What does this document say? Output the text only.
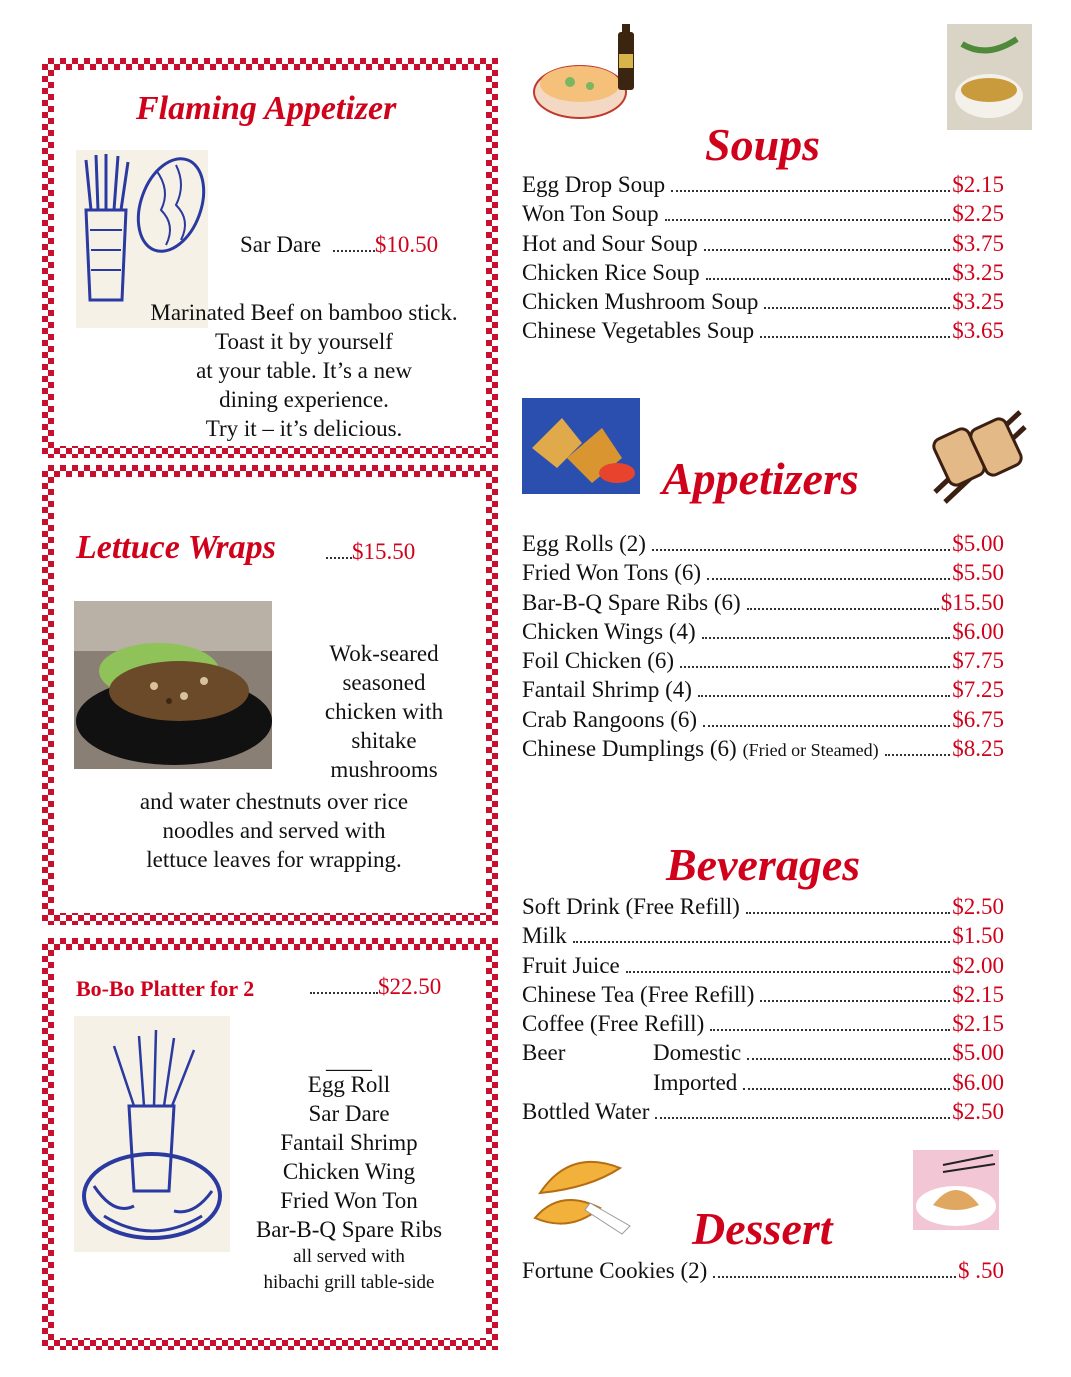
Flaming Appetizer
Sar Dare $10.50
Marinated Beef on bamboo stick.
Toast it by yourself
at your table. It’s a new
dining experience.
Try it – it’s delicious.
Lettuce Wraps	$15.50
Wok-seared
seasoned
chicken with
shitake
mushrooms
and water chestnuts over rice
noodles and served with
lettuce leaves for wrapping.
Bo-Bo Platter for 2	$22.50
____
Egg Roll
Sar Dare
Fantail Shrimp
Chicken Wing
Fried Won Ton
Bar-B-Q Spare Ribs
all served with
hibachi grill table-side
Soups
Egg Drop Soup	$2.15
Won Ton Soup	$2.25
Hot and Sour Soup	$3.75
Chicken Rice Soup	$3.25
Chicken Mushroom Soup	$3.25
Chinese Vegetables Soup	$3.65
Appetizers
Egg Rolls (2)	$5.00
Fried Won Tons (6)	$5.50
Bar-B-Q Spare Ribs (6)	$15.50
Chicken Wings (4)	$6.00
Foil Chicken (6)	$7.75
Fantail Shrimp (4)	$7.25
Crab Rangoons (6)	$6.75
Chinese Dumplings (6) (Fried or Steamed)	$8.25
Beverages
Soft Drink (Free Refill)	$2.50
Milk	$1.50
Fruit Juice	$2.00
Chinese Tea (Free Refill)	$2.15
Coffee (Free Refill)	$2.15
Beer	Domestic	$5.00
Imported	$6.00
Bottled Water	$2.50
Dessert
Fortune Cookies (2)	$ .50
